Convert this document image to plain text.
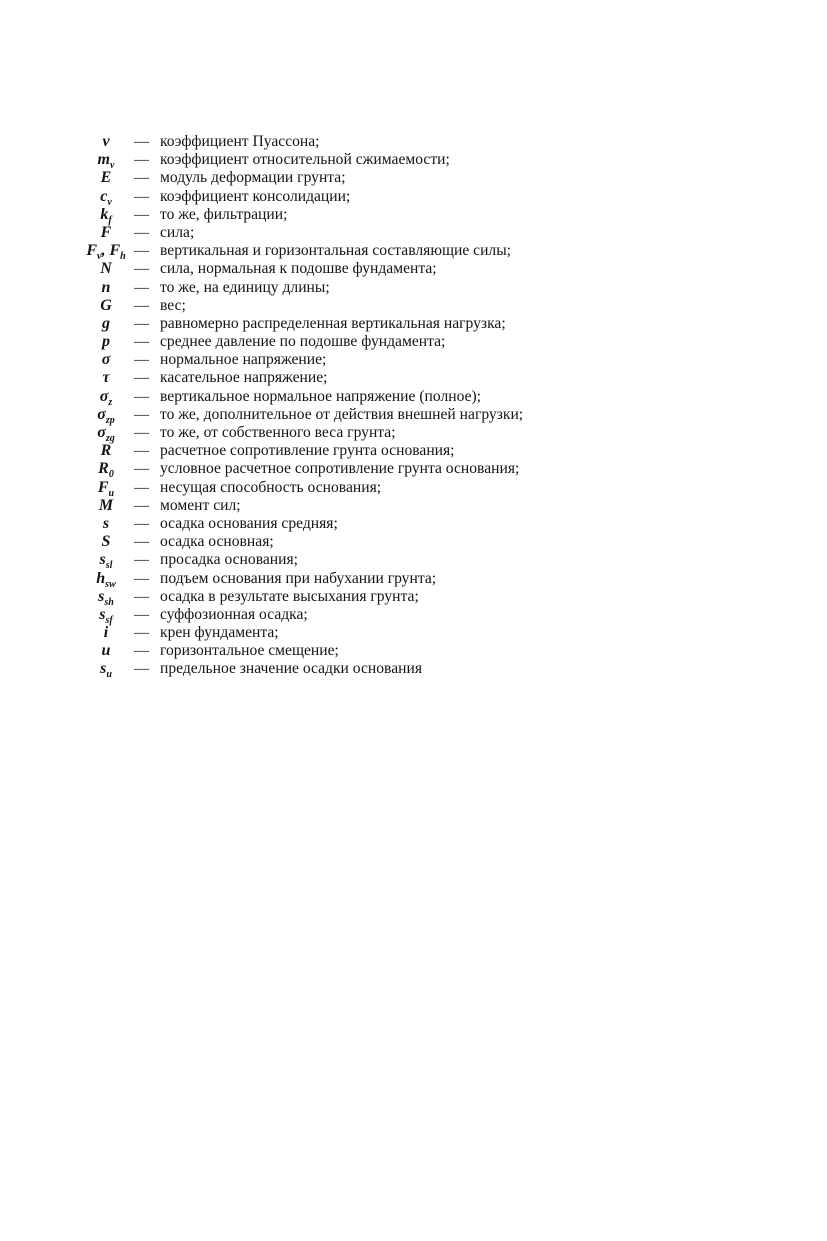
ν	— коэффициент Пуассона;
$m_v$	— коэффициент относительной сжимаемости;
E	— модуль деформации грунта;
$c_v$	— коэффициент консолидации;
$k_f$	— то же, фильтрации;
F	— сила;
$F_v$, $F_h$ — вертикальная и горизонтальная составляющие силы;
N	— сила, нормальная к подошве фундамента;
n	— то же, на единицу длины;
G	— вес;
g	— равномерно распределенная вертикальная нагрузка;
p	— среднее давление по подошве фундамента;
σ	— нормальное напряжение;
τ	— касательное напряжение;
$\sigma_z$	— вертикальное нормальное напряжение (полное);
$\sigma_{zp}$	— то же, дополнительное от действия внешней нагрузки;
$\sigma_{zg}$	— то же, от собственного веса грунта;
R	— расчетное сопротивление грунта основания;
$R_0$	— условное расчетное сопротивление грунта основания;
$F_u$	— несущая способность основания;
M	— момент сил;
s	— осадка основания средняя;
S	— осадка основная;
$s_{sl}$	— просадка основания;
$h_{sw}$	— подъем основания при набухании грунта;
$s_{sh}$	— осадка в результате высыхания грунта;
$s_{sf}$	— суффозионная осадка;
i	— крен фундамента;
u	— горизонтальное смещение;
$s_u$	— предельное значение осадки основания
